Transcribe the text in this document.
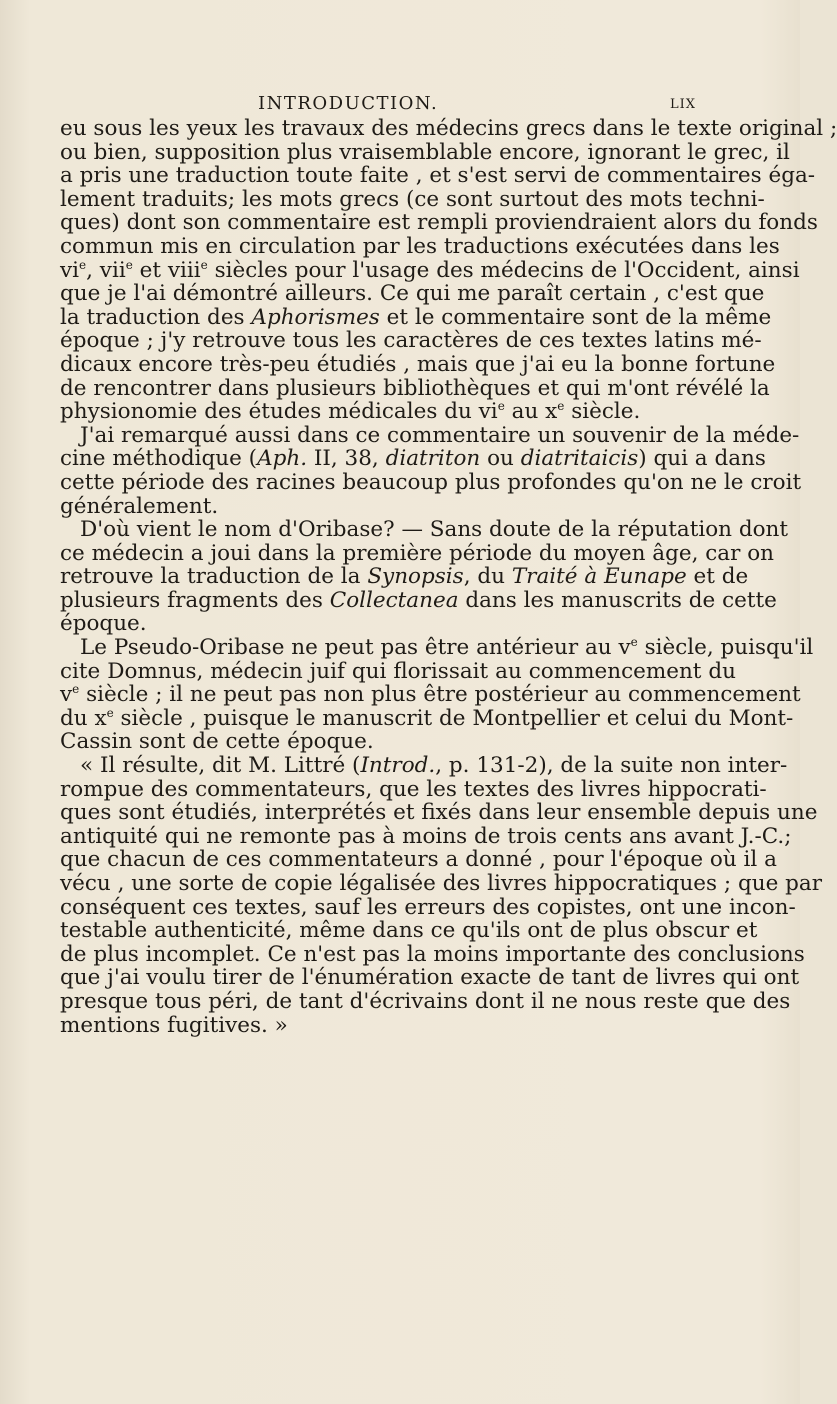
INTRODUCTION.	LIX
eu sous les yeux les travaux des médecins grecs dans le texte original ;
ou bien, supposition plus vraisemblable encore, ignorant le grec, il
a pris une traduction toute faite , et s'est servi de commentaires éga-
lement traduits; les mots grecs (ce sont surtout des mots techni-
ques) dont son commentaire est rempli proviendraient alors du fonds
commun mis en circulation par les traductions exécutées dans les
$vi^e$, vii$^e$ et viii$^e$ siècles pour l'usage des médecins de l'Occident, ainsi
que je l'ai démontré ailleurs. Ce qui me paraît certain , c'est que
la traduction des Aphorismes et le commentaire sont de la même
époque ; j'y retrouve tous les caractères de ces textes latins mé-
dicaux encore très-peu étudiés , mais que j'ai eu la bonne fortune
de rencontrer dans plusieurs bibliothèques et qui m'ont révélé la
physionomie des études médicales du $vi^e$ au $x^e$ siècle.
J'ai remarqué aussi dans ce commentaire un souvenir de la méde-
cine méthodique (Aph. II, 38, diatriton ou diatritaicis) qui a dans
cette période des racines beaucoup plus profondes qu'on ne le croit
généralement.
D'où vient le nom d'Oribase? — Sans doute de la réputation dont
ce médecin a joui dans la première période du moyen âge, car on
retrouve la traduction de la Synopsis, du Traité à Eunape et de
plusieurs fragments des Collectanea dans les manuscrits de cette
époque.
Le Pseudo-Oribase ne peut pas être antérieur au $v^e$ siècle, puisqu'il
cite Domnus, médecin juif qui florissait au commencement du
$v^e$ siècle ; il ne peut pas non plus être postérieur au commencement
du $x^e$ siècle , puisque le manuscrit de Montpellier et celui du Mont-
Cassin sont de cette époque.
« Il résulte, dit M. Littré (Introd., p. 131-2), de la suite non inter-
rompue des commentateurs, que les textes des livres hippocrati-
ques sont étudiés, interprétés et fixés dans leur ensemble depuis une
antiquité qui ne remonte pas à moins de trois cents ans avant J.-C.;
que chacun de ces commentateurs a donné , pour l'époque où il a
vécu , une sorte de copie légalisée des livres hippocratiques ; que par
conséquent ces textes, sauf les erreurs des copistes, ont une incon-
testable authenticité, même dans ce qu'ils ont de plus obscur et
de plus incomplet. Ce n'est pas la moins importante des conclusions
que j'ai voulu tirer de l'énumération exacte de tant de livres qui ont
presque tous péri, de tant d'écrivains dont il ne nous reste que des
mentions fugitives. »
